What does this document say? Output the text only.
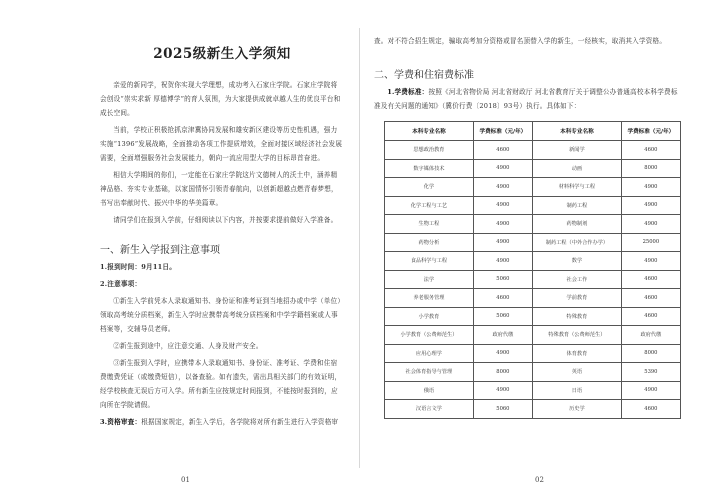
2025级新生入学须知

亲爱的新同学，祝贺你实现大学理想，成功考入石家庄学院。石家庄学院将会创设“崇实求新 厚德博学”的育人氛围，为大家提供成就卓越人生的优良平台和成长空间。

当前，学校正积极抢抓京津冀协同发展和雄安新区建设等历史性机遇，强力实施“1396”发展战略，全面推动各项工作提质增效，全面对接区域经济社会发展需要，全面增强服务社会发展能力，朝向一流应用型大学的目标昂首奋进。

相信大学期间的你们，一定能在石家庄学院这片文德树人的沃土中，涵养精神品格、夯实专业基础，以家国情怀引领青春航向，以创新超越点燃青春梦想，书写出奉献时代、振兴中华的华美篇章。

请同学们在报到入学前，仔细阅读以下内容，并按要求提前做好入学准备。

一、新生入学报到注意事项

1.报到时间：9月11日。

2.注意事项：

①新生入学前凭本人录取通知书、身份证和准考证到当地招办或中学（单位）领取高考统分质档案，新生入学时应携带高考统分质档案和中学学籍档案或人事档案等，交辅导员老师。

②新生报到途中，应注意交通、人身及财产安全。

③新生报到入学时，应携带本人录取通知书、身份证、准考证、学费和住宿费缴费凭证（或缴费短信），以备查验。如有遗失，需出具相关部门的有效证明，经学校核查无误后方可入学。所有新生应按规定时间报到，不能按时报到的，应向所在学院请假。

3.资格审查：根据国家规定，新生入学后，各学院将对所有新生进行入学资格审

查。对不符合招生规定，骗取高考加分资格或冒名顶替入学的新生，一经核实，取消其入学资格。

二、学费和住宿费标准

1.学费标准：按照《河北省物价局 河北省财政厅 河北省教育厅关于调整公办普通高校本科学费标准及有关问题的通知》（冀价行费〔2018〕93号）执行。具体如下：

本科专业名称	学费标准（元/年）	本科专业名称	学费标准（元/年）
思想政治教育	4600	新闻学	4600
数字媒体技术	4900	动画	8000
化学	4900	材料科学与工程	4900
化学工程与工艺	4900	制药工程	4900
生物工程	4900	药物制剂	4900
药物分析	4900	制药工程（中外合作办学）	25000
食品科学与工程	4900	数学	4900
法学	5060	社会工作	4600
养老服务管理	4600	学前教育	4600
小学教育	5060	特殊教育	4600
小学教育（公费师范生）	政府代缴	特殊教育（公费师范生）	政府代缴
应用心理学	4900	体育教育	8000
社会体育指导与管理	8000	英语	5390
俄语	4900	日语	4900
汉语言文学	5060	历史学	4600
01	02
